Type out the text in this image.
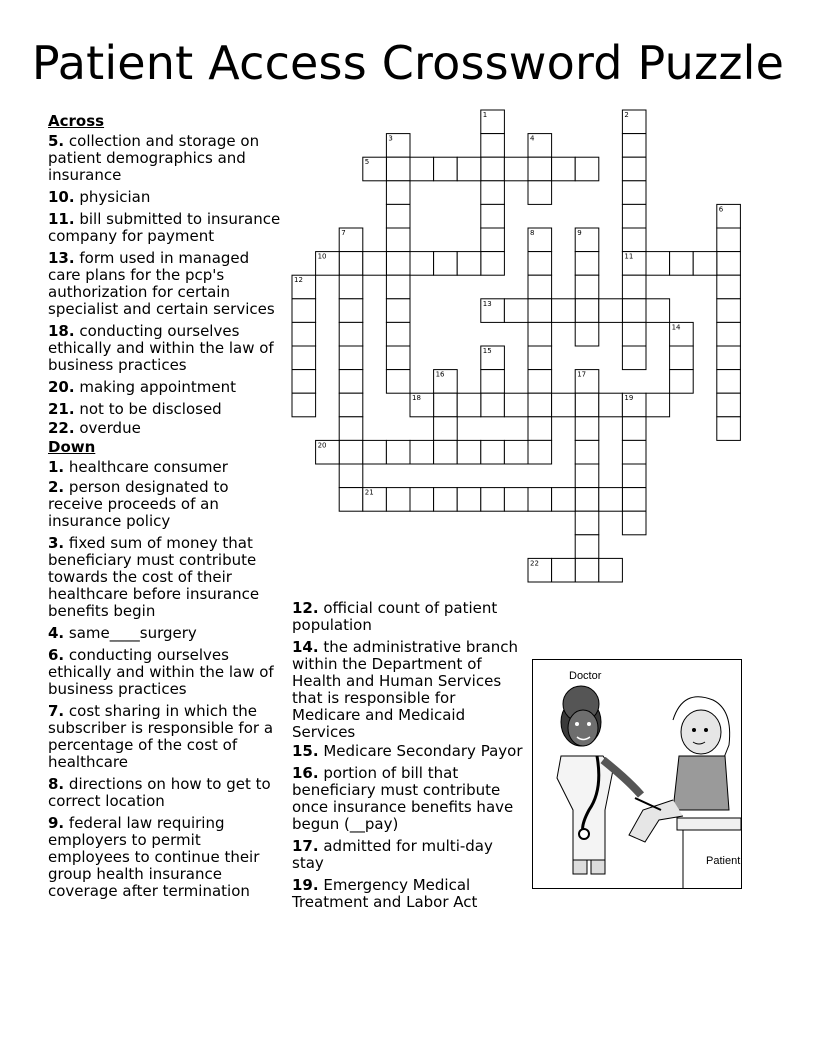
Patient Access Crossword Puzzle
Across
5. collection and storage on patient demographics and insurance
10. physician
11. bill submitted to insurance company for payment
13. form used in managed care plans for the pcp's authorization for certain specialist and certain services
18. conducting ourselves ethically and within the law of business practices
20. making appointment
21. not to be disclosed
22. overdue
Down
1. healthcare consumer
2. person designated to receive proceeds of an insurance policy
3. fixed sum of money that beneficiary must contribute towards the cost of their healthcare before insurance benefits begin
4. same____surgery
6. conducting ourselves ethically and within the law of business practices
7. cost sharing in which the subscriber is responsible for a percentage of the cost of healthcare
8. directions on how to get to correct location
9. federal law requiring employers to permit employees to continue their group health insurance coverage after termination
12. official count of patient population
14. the administrative branch within the Department of Health and Human Services that is responsible for Medicare and Medicaid Services
15. Medicare Secondary Payor
16. portion of bill that beneficiary must contribute once insurance benefits have begun (__pay)
17. admitted for multi-day stay
19. Emergency Medical Treatment and Labor Act
1	2
3	4
5
6
7	8	9
10	11
12
13
14
15
16	17
18	19
20
21
22
Doctor
Patient
